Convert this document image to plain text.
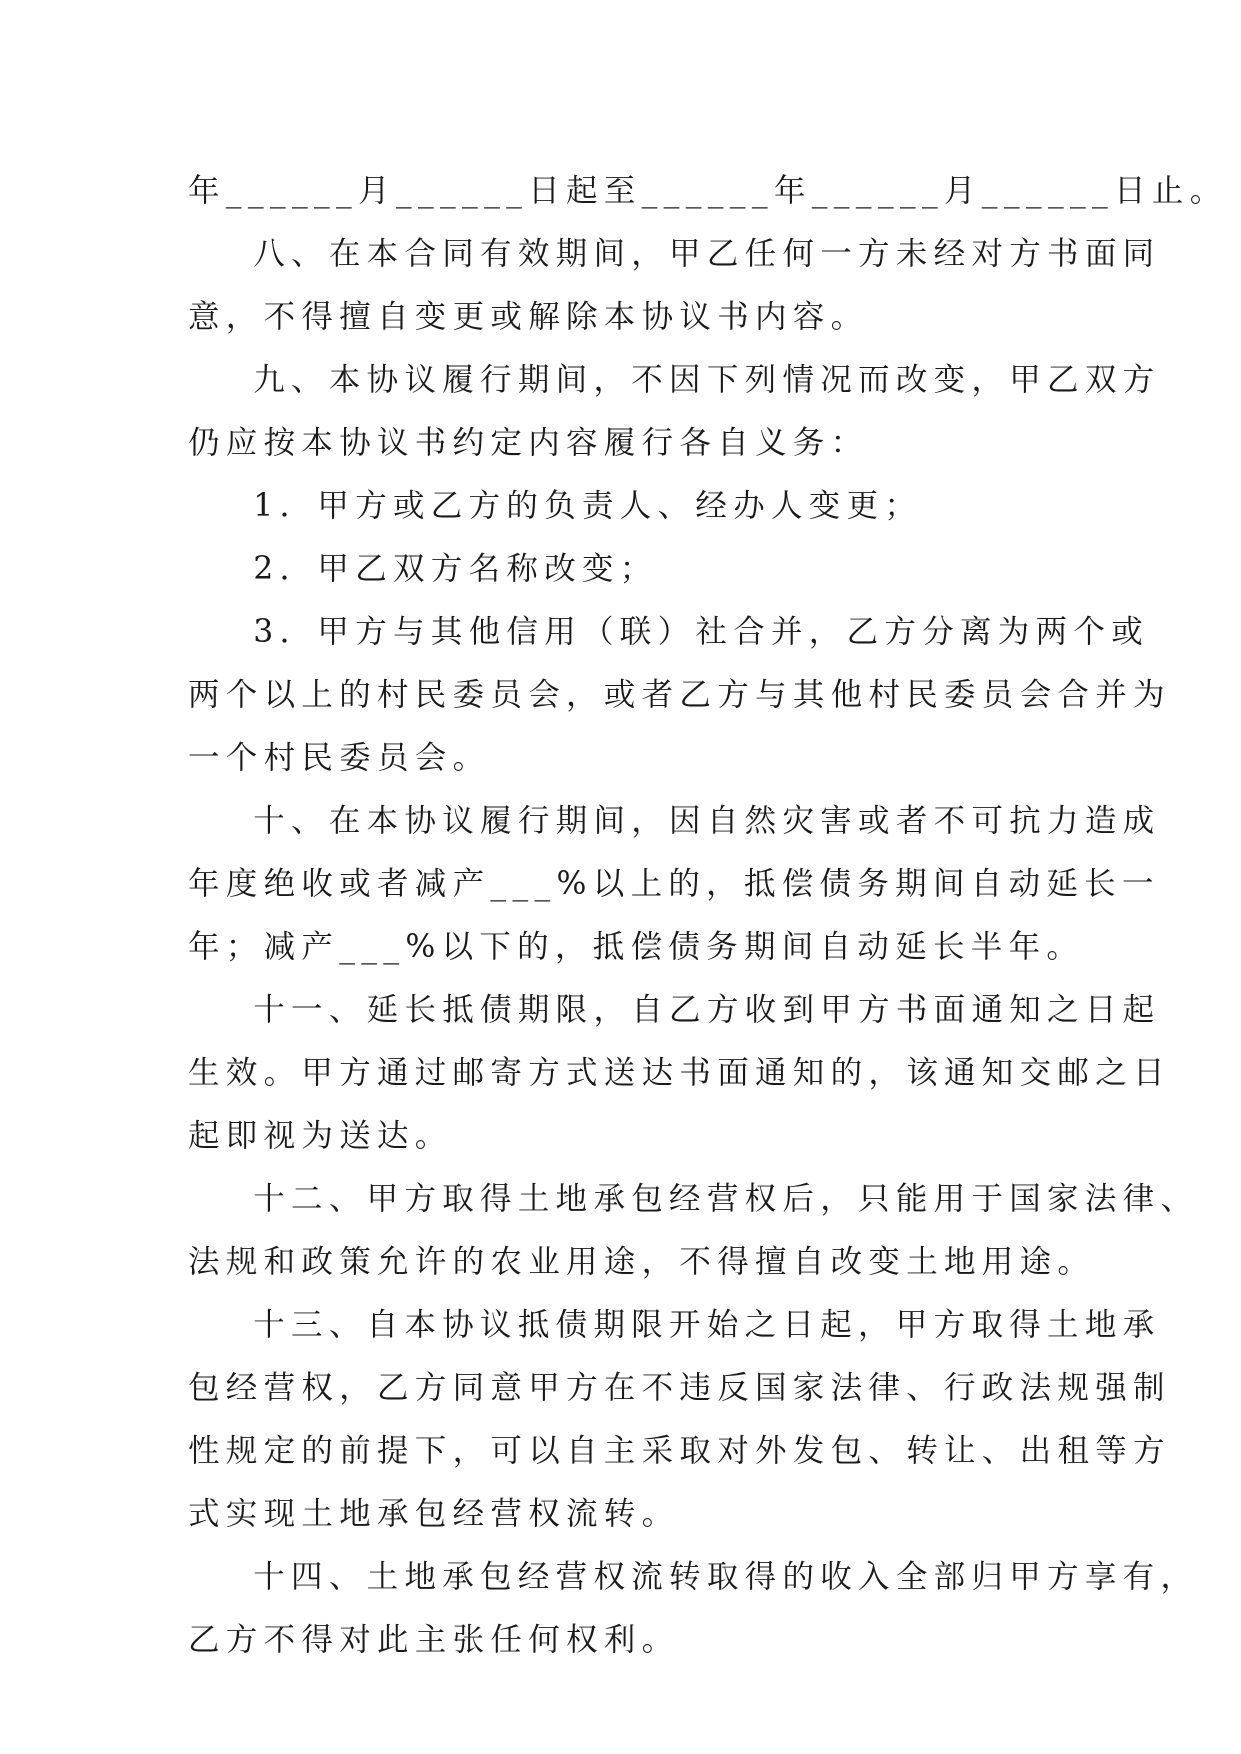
年______月______日起至______年______月______日止。
八、在本合同有效期间，甲乙任何一方未经对方书面同
意，不得擅自变更或解除本协议书内容。
九、本协议履行期间，不因下列情况而改变，甲乙双方
仍应按本协议书约定内容履行各自义务：
1．甲方或乙方的负责人、经办人变更；
2．甲乙双方名称改变；
3．甲方与其他信用（联）社合并，乙方分离为两个或
两个以上的村民委员会，或者乙方与其他村民委员会合并为
一个村民委员会。
十、在本协议履行期间，因自然灾害或者不可抗力造成
年度绝收或者减产___%以上的，抵偿债务期间自动延长一
年；减产___%以下的，抵偿债务期间自动延长半年。
十一、延长抵债期限，自乙方收到甲方书面通知之日起
生效。甲方通过邮寄方式送达书面通知的，该通知交邮之日
起即视为送达。
十二、甲方取得土地承包经营权后，只能用于国家法律、
法规和政策允许的农业用途，不得擅自改变土地用途。
十三、自本协议抵债期限开始之日起，甲方取得土地承
包经营权，乙方同意甲方在不违反国家法律、行政法规强制
性规定的前提下，可以自主采取对外发包、转让、出租等方
式实现土地承包经营权流转。
十四、土地承包经营权流转取得的收入全部归甲方享有，
乙方不得对此主张任何权利。
